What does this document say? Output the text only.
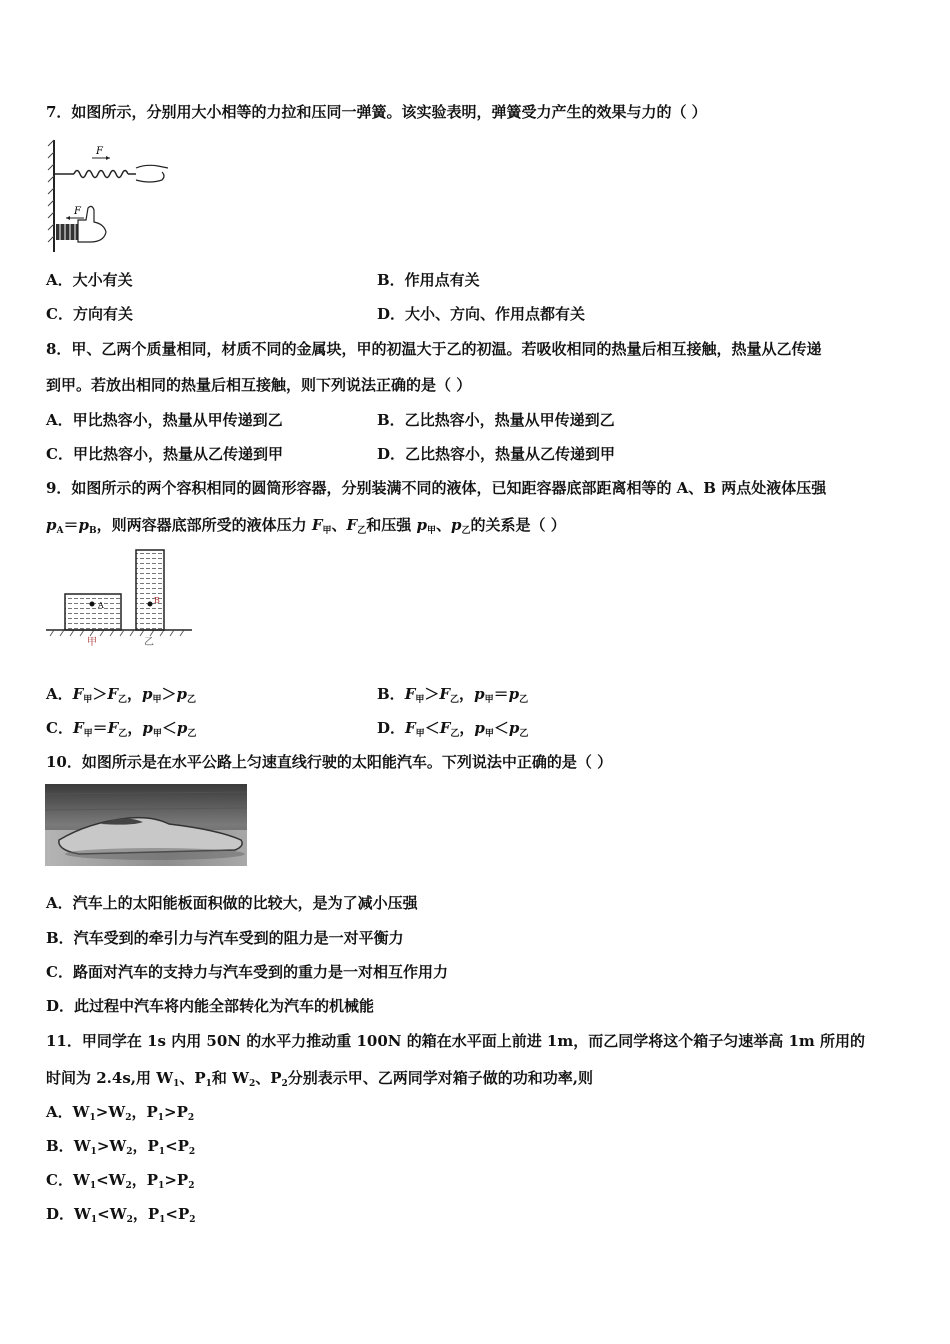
7．如图所示，分别用大小相等的力拉和压同一弹簧。该实验表明，弹簧受力产生的效果与力的（ ）
F
F
A．大小有关	B．作用点有关
C．方向有关	D．大小、方向、作用点都有关
8．甲、乙两个质量相同，材质不同的金属块，甲的初温大于乙的初温。若吸收相同的热量后相互接触，热量从乙传递
到甲。若放出相同的热量后相互接触，则下列说法正确的是（ ）
A．甲比热容小，热量从甲传递到乙	B．乙比热容小，热量从甲传递到乙
C．甲比热容小，热量从乙传递到甲	D．乙比热容小，热量从乙传递到甲
9．如图所示的两个容积相同的圆筒形容器，分别装满不同的液体，已知距容器底部距离相等的 A、B 两点处液体压强
$p_A=p_B$，则两容器底部所受的液体压力 $F_甲$、$F_乙$和压强 $p_甲$、$p_乙$的关系是（ ）
A
B
甲	乙
A．$F_甲>F_乙$，$p_甲>p_乙$	B．$F_甲>F_乙$，$p_甲=p_乙$
C．$F_甲=F_乙$，$p_甲<p_乙$	D．$F_甲<F_乙$，$p_甲<p_乙$
10．如图所示是在水平公路上匀速直线行驶的太阳能汽车。下列说法中正确的是（ ）
A．汽车上的太阳能板面积做的比较大，是为了减小压强
B．汽车受到的牵引力与汽车受到的阻力是一对平衡力
C．路面对汽车的支持力与汽车受到的重力是一对相互作用力
D．此过程中汽车将内能全部转化为汽车的机械能
11．甲同学在 1s 内用 50N 的水平力推动重 100N 的箱在水平面上前进 1m，而乙同学将这个箱子匀速举高 1m 所用的
时间为 2.4s,用 $W_1$、$P_1$和 $W_2$、$P_2$分别表示甲、乙两同学对箱子做的功和功率,则
A．$W_1>W_2$，$P_1>P_2$
B．$W_1>W_2$，$P_1<P_2$
C．$W_1<W_2$，$P_1>P_2$
D．$W_1<W_2$，$P_1<P_2$
